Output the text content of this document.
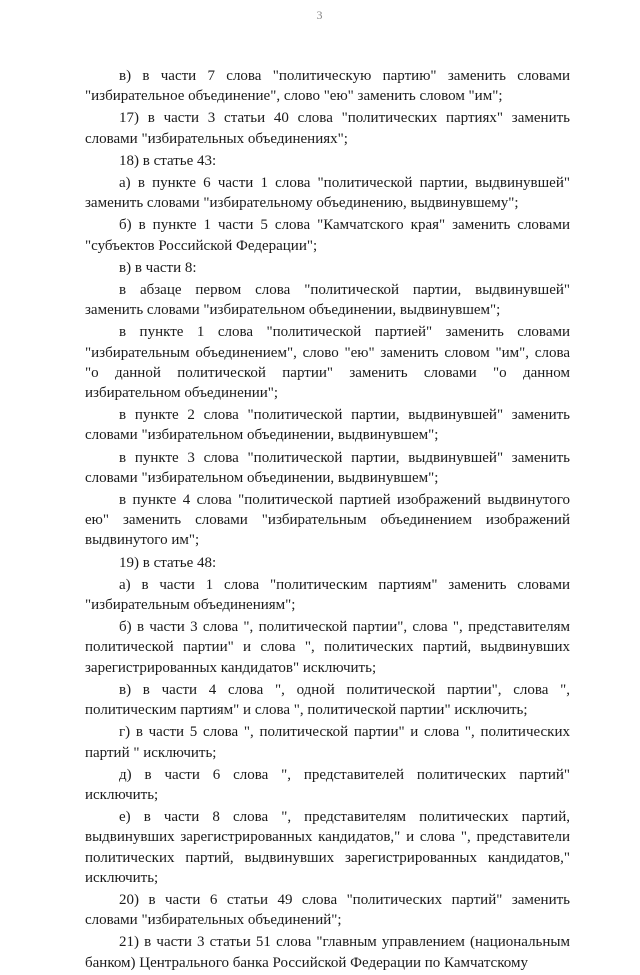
3

в) в части 7 слова "политическую партию" заменить словами "избирательное объединение", слово "ею" заменить словом "им";

17) в части 3 статьи 40 слова "политических партиях" заменить словами "избирательных объединениях";

18) в статье 43:

а) в пункте 6 части 1 слова "политической партии, выдвинувшей" заменить словами "избирательному объединению, выдвинувшему";

б) в пункте 1 части 5 слова "Камчатского края" заменить словами "субъектов Российской Федерации";

в) в части 8:

в абзаце первом слова "политической партии, выдвинувшей" заменить словами "избирательном объединении, выдвинувшем";

в пункте 1 слова "политической партией" заменить словами "избирательным объединением", слово "ею" заменить словом "им", слова "о данной политической партии" заменить словами "о данном избирательном объединении";

в пункте 2 слова "политической партии, выдвинувшей" заменить словами "избирательном объединении, выдвинувшем";

в пункте 3 слова "политической партии, выдвинувшей" заменить словами "избирательном объединении, выдвинувшем";

в пункте 4 слова "политической партией изображений выдвинутого ею" заменить словами "избирательным объединением изображений выдвинутого им";

19) в статье 48:

а) в части 1 слова "политическим партиям" заменить словами "избирательным объединениям";

б) в части 3 слова ", политической партии", слова ", представителям политической партии" и слова ", политических партий, выдвинувших зарегистрированных кандидатов" исключить;

в) в части 4 слова ", одной политической партии", слова ", политическим партиям" и слова ", политической партии" исключить;

г) в части 5 слова ", политической партии" и слова ", политических партий " исключить;

д) в части 6 слова ", представителей политических партий" исключить;

е) в части 8 слова ", представителям политических партий, выдвинувших зарегистрированных кандидатов," и слова ", представители политических партий, выдвинувших зарегистрированных кандидатов," исключить;

20) в части 6 статьи 49 слова "политических партий" заменить словами "избирательных объединений";

21) в части 3 статьи 51 слова "главным управлением (национальным банком) Центрального банка Российской Федерации по Камчатскому
